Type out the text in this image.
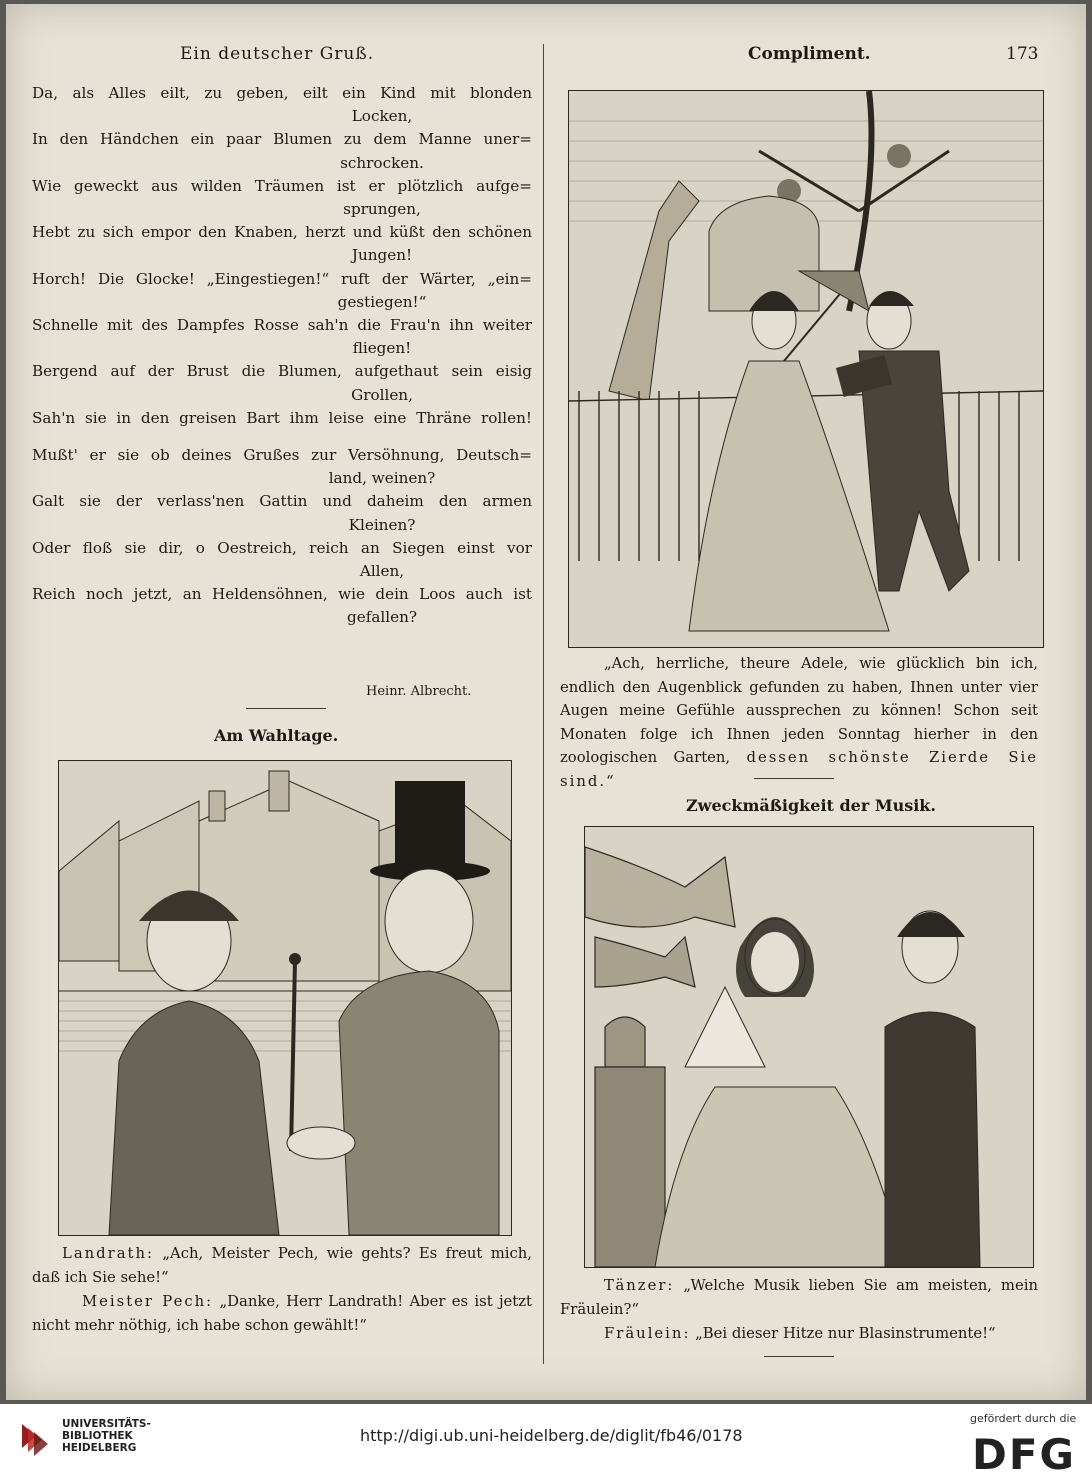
Ein deutscher Gruß.	Compliment.	173
Da, als Alles eilt, zu geben, eilt ein Kind mit blonden
Locken,
In den Händchen ein paar Blumen zu dem Manne uner=
schrocken.
Wie geweckt aus wilden Träumen ist er plötzlich aufge=
sprungen,
Hebt zu sich empor den Knaben, herzt und küßt den schönen
Jungen!
Horch! Die Glocke! „Eingestiegen!“ ruft der Wärter, „ein=
gestiegen!“
Schnelle mit des Dampfes Rosse sah'n die Frau'n ihn weiter
fliegen!
Bergend auf der Brust die Blumen, aufgethaut sein eisig
Grollen,
Sah'n sie in den greisen Bart ihm leise eine Thräne rollen!
Mußt' er sie ob deines Grußes zur Versöhnung, Deutsch=
land, weinen?
Galt sie der verlass'nen Gattin und daheim den armen
Kleinen?
Oder floß sie dir, o Oestreich, reich an Siegen einst vor
Allen,
Reich noch jetzt, an Heldensöhnen, wie dein Loos auch ist
gefallen?
Heinr. Albrecht.
Am Wahltage.
Landrath: „Ach, Meister Pech, wie gehts? Es freut mich, daß ich Sie sehe!“
Meister Pech: „Danke, Herr Landrath! Aber es ist jetzt nicht mehr nöthig, ich habe schon gewählt!“
„Ach, herrliche, theure Adele, wie glücklich bin ich, endlich den Augenblick gefunden zu haben, Ihnen unter vier Augen meine Gefühle aussprechen zu können! Schon seit Monaten folge ich Ihnen jeden Sonntag hierher in den zoologischen Garten, dessen schönste Zierde Sie sind.“
Zweckmäßigkeit der Musik.
Tänzer: „Welche Musik lieben Sie am meisten, mein Fräulein?“
Fräulein: „Bei dieser Hitze nur Blasinstrumente!“
UNIVERSITÄTS-
BIBLIOTHEK
HEIDELBERG
http://digi.ub.uni-heidelberg.de/diglit/fb46/0178
gefördert durch die
DFG
